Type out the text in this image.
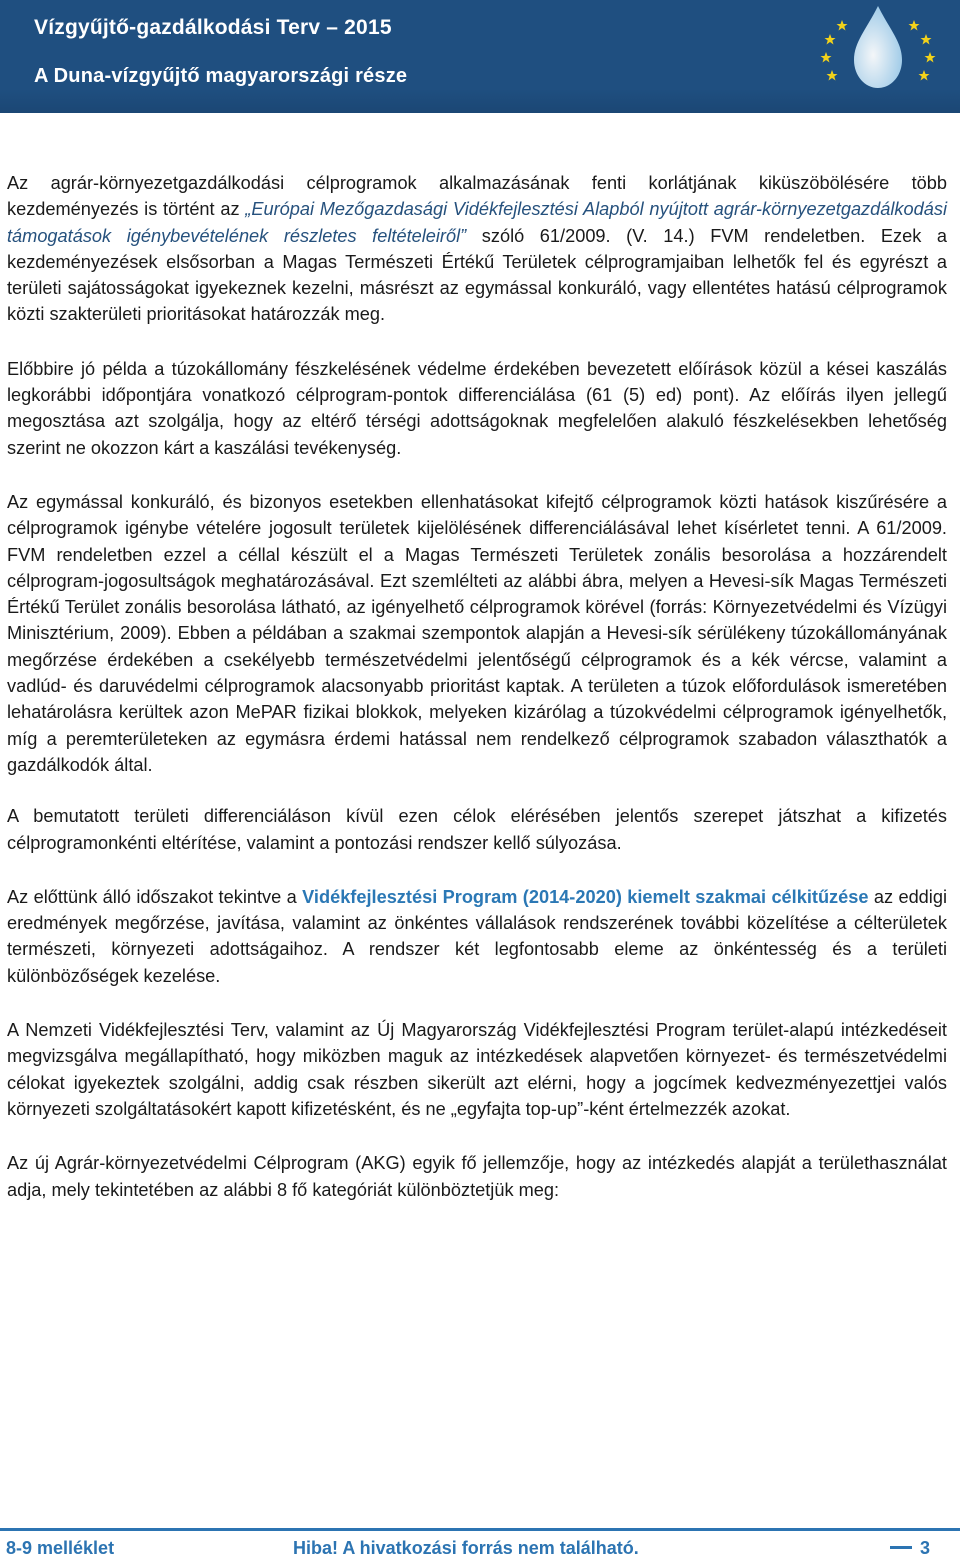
Vízgyűjtő-gazdálkodási Terv – 2015
A Duna-vízgyűjtő magyarországi része

Az agrár-környezetgazdálkodási célprogramok alkalmazásának fenti korlátjának kiküszöbölésére több kezdeményezés is történt az „Európai Mezőgazdasági Vidékfejlesztési Alapból nyújtott agrár-környezetgazdálkodási támogatások igénybevételének részletes feltételeiről” szóló 61/2009. (V. 14.) FVM rendeletben. Ezek a kezdeményezések elsősorban a Magas Természeti Értékű Területek célprogramjaiban lelhetők fel és egyrészt a területi sajátosságokat igyekeznek kezelni, másrészt az egymással konkuráló, vagy ellentétes hatású célprogramok közti szakterületi prioritásokat határozzák meg.

Előbbire jó példa a túzokállomány fészkelésének védelme érdekében bevezetett előírások közül a kései kaszálás legkorábbi időpontjára vonatkozó célprogram-pontok differenciálása (61 (5) ed) pont). Az előírás ilyen jellegű megosztása azt szolgálja, hogy az eltérő térségi adottságoknak megfelelően alakuló fészkelésekben lehetőség szerint ne okozzon kárt a kaszálási tevékenység.

Az egymással konkuráló, és bizonyos esetekben ellenhatásokat kifejtő célprogramok közti hatások kiszűrésére a célprogramok igénybe vételére jogosult területek kijelölésének differenciálásával lehet kísérletet tenni. A 61/2009. FVM rendeletben ezzel a céllal készült el a Magas Természeti Területek zonális besorolása a hozzárendelt célprogram-jogosultságok meghatározásával. Ezt szemlélteti az alábbi ábra, melyen a Hevesi-sík Magas Természeti Értékű Terület zonális besorolása látható, az igényelhető célprogramok körével (forrás: Környezetvédelmi és Vízügyi Minisztérium, 2009). Ebben a példában a szakmai szempontok alapján a Hevesi-sík sérülékeny túzokállományának megőrzése érdekében a csekélyebb természetvédelmi jelentőségű célprogramok és a kék vércse, valamint a vadlúd- és daruvédelmi célprogramok alacsonyabb prioritást kaptak. A területen a túzok előfordulások ismeretében lehatárolásra kerültek azon MePAR fizikai blokkok, melyeken kizárólag a túzokvédelmi célprogramok igényelhetők, míg a peremterületeken az egymásra érdemi hatással nem rendelkező célprogramok szabadon választhatók a gazdálkodók által.

A bemutatott területi differenciáláson kívül ezen célok elérésében jelentős szerepet játszhat a kifizetés célprogramonkénti eltérítése, valamint a pontozási rendszer kellő súlyozása.

Az előttünk álló időszakot tekintve a Vidékfejlesztési Program (2014-2020) kiemelt szakmai célkitűzése az eddigi eredmények megőrzése, javítása, valamint az önkéntes vállalások rendszerének további közelítése a célterületek természeti, környezeti adottságaihoz. A rendszer két legfontosabb eleme az önkéntesség és a területi különbözőségek kezelése.

A Nemzeti Vidékfejlesztési Terv, valamint az Új Magyarország Vidékfejlesztési Program terület-alapú intézkedéseit megvizsgálva megállapítható, hogy miközben maguk az intézkedések alapvetően környezet- és természetvédelmi célokat igyekeztek szolgálni, addig csak részben sikerült azt elérni, hogy a jogcímek kedvezményezettjei valós környezeti szolgáltatásokért kapott kifizetésként, és ne „egyfajta top-up”-ként értelmezzék azokat.

Az új Agrár-környezetvédelmi Célprogram (AKG) egyik fő jellemzője, hogy az intézkedés alapját a területhasználat adja, mely tekintetében az alábbi 8 fő kategóriát különböztetjük meg:

8-9 melléklet	Hiba! A hivatkozási forrás nem található.	3
